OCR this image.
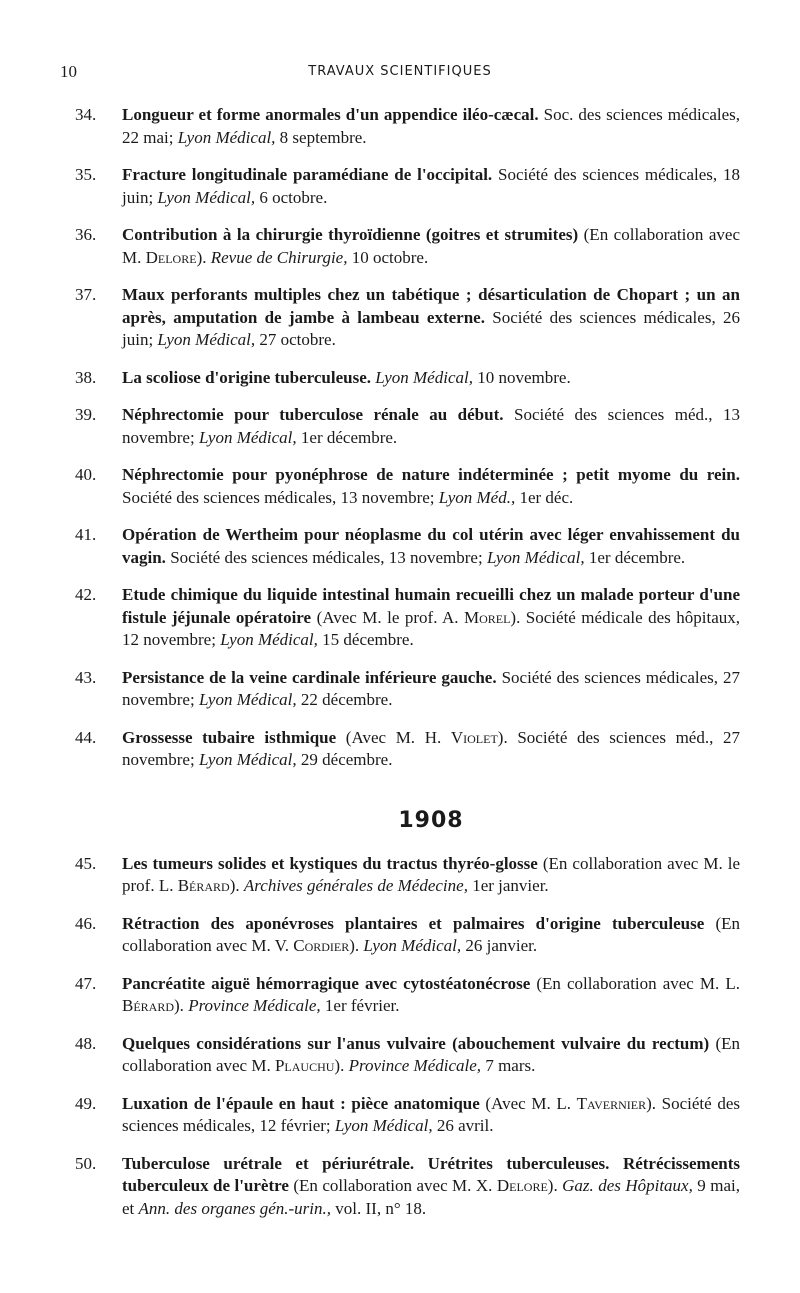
10	TRAVAUX SCIENTIFIQUES
34.	Longueur et forme anormales d'un appendice iléo-cæcal. Soc. des sciences médicales, 22 mai; Lyon Médical, 8 septembre.
35.	Fracture longitudinale paramédiane de l'occipital. Société des sciences médicales, 18 juin; Lyon Médical, 6 octobre.
36.	Contribution à la chirurgie thyroïdienne (goitres et strumites) (En collaboration avec M. Delore). Revue de Chirurgie, 10 octobre.
37.	Maux perforants multiples chez un tabétique ; désarticulation de Chopart ; un an après, amputation de jambe à lambeau externe. Société des sciences médicales, 26 juin; Lyon Médical, 27 octobre.
38.	La scoliose d'origine tuberculeuse. Lyon Médical, 10 novembre.
39.	Néphrectomie pour tuberculose rénale au début. Société des sciences méd., 13 novembre; Lyon Médical, 1er décembre.
40.	Néphrectomie pour pyonéphrose de nature indéterminée ; petit myome du rein. Société des sciences médicales, 13 novembre; Lyon Méd., 1er déc.
41.	Opération de Wertheim pour néoplasme du col utérin avec léger envahissement du vagin. Société des sciences médicales, 13 novembre; Lyon Médical, 1er décembre.
42.	Etude chimique du liquide intestinal humain recueilli chez un malade porteur d'une fistule jéjunale opératoire (Avec M. le prof. A. Morel). Société médicale des hôpitaux, 12 novembre; Lyon Médical, 15 décembre.
43.	Persistance de la veine cardinale inférieure gauche. Société des sciences médicales, 27 novembre; Lyon Médical, 22 décembre.
44.	Grossesse tubaire isthmique (Avec M. H. Violet). Société des sciences méd., 27 novembre; Lyon Médical, 29 décembre.
1908
45.	Les tumeurs solides et kystiques du tractus thyréo-glosse (En collaboration avec M. le prof. L. Bérard). Archives générales de Médecine, 1er janvier.
46.	Rétraction des aponévroses plantaires et palmaires d'origine tuberculeuse (En collaboration avec M. V. Cordier). Lyon Médical, 26 janvier.
47.	Pancréatite aiguë hémorragique avec cytostéatonécrose (En collaboration avec M. L. Bérard). Province Médicale, 1er février.
48.	Quelques considérations sur l'anus vulvaire (abouchement vulvaire du rectum) (En collaboration avec M. Plauchu). Province Médicale, 7 mars.
49.	Luxation de l'épaule en haut : pièce anatomique (Avec M. L. Tavernier). Société des sciences médicales, 12 février; Lyon Médical, 26 avril.
50.	Tuberculose urétrale et périurétrale. Urétrites tuberculeuses. Rétrécissements tuberculeux de l'urètre (En collaboration avec M. X. Delore). Gaz. des Hôpitaux, 9 mai, et Ann. des organes gén.-urin., vol. II, n° 18.
